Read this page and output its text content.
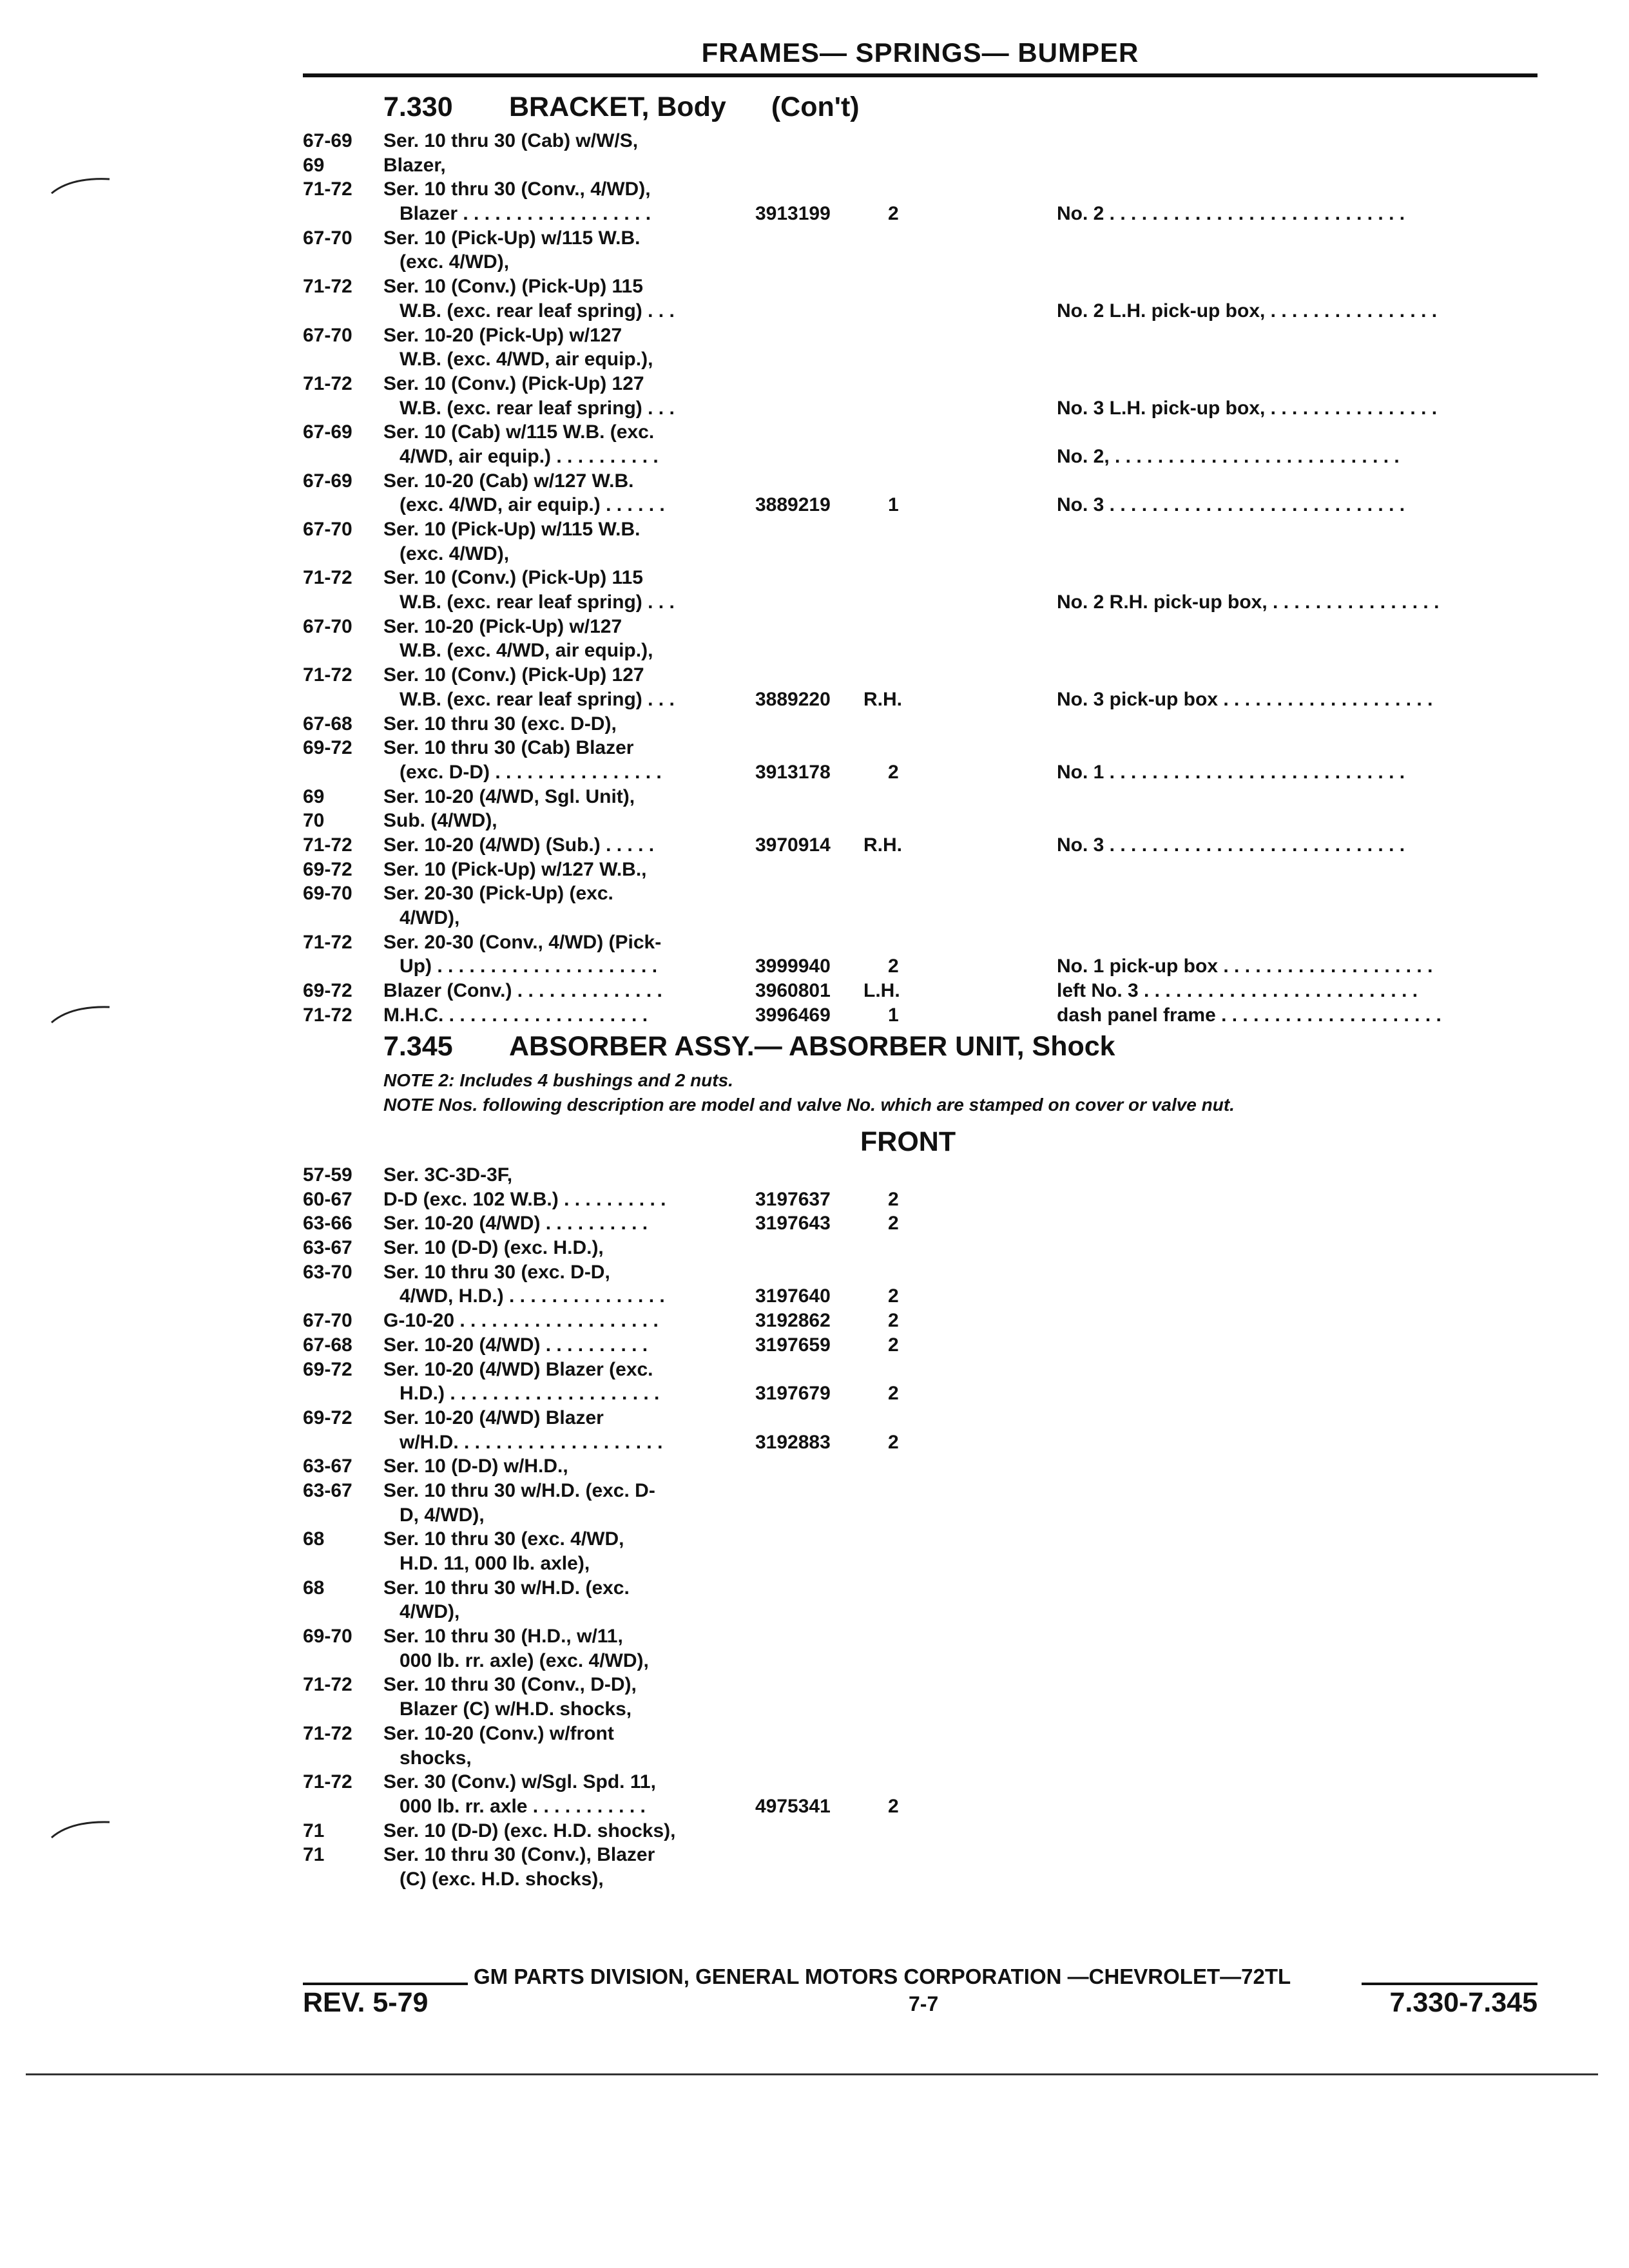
FRAMES— SPRINGS— BUMPER
7.330 BRACKET, Body (Con't)
67-69	Ser. 10 thru 30 (Cab) w/W/S,
69	Blazer,
71-72	Ser. 10 thru 30 (Conv., 4/WD),
Blazer . . . . . . . . . . . . . . . . . .	3913199	2	No. 2 . . . . . . . . . . . . . . . . . . . . . . . . . . . .
67-70	Ser. 10 (Pick-Up) w/115 W.B.
(exc. 4/WD),
71-72	Ser. 10 (Conv.) (Pick-Up) 115
W.B. (exc. rear leaf spring) . . .	No. 2 L.H. pick-up box, . . . . . . . . . . . . . . . .
67-70	Ser. 10-20 (Pick-Up) w/127
W.B. (exc. 4/WD, air equip.),
71-72	Ser. 10 (Conv.) (Pick-Up) 127
W.B. (exc. rear leaf spring) . . .	No. 3 L.H. pick-up box, . . . . . . . . . . . . . . . .
67-69	Ser. 10 (Cab) w/115 W.B. (exc.
4/WD, air equip.) . . . . . . . . . .	No. 2, . . . . . . . . . . . . . . . . . . . . . . . . . . .
67-69	Ser. 10-20 (Cab) w/127 W.B.
(exc. 4/WD, air equip.) . . . . . .	3889219	1	No. 3 . . . . . . . . . . . . . . . . . . . . . . . . . . . .
67-70	Ser. 10 (Pick-Up) w/115 W.B.
(exc. 4/WD),
71-72	Ser. 10 (Conv.) (Pick-Up) 115
W.B. (exc. rear leaf spring) . . .	No. 2 R.H. pick-up box, . . . . . . . . . . . . . . . .
67-70	Ser. 10-20 (Pick-Up) w/127
W.B. (exc. 4/WD, air equip.),
71-72	Ser. 10 (Conv.) (Pick-Up) 127
W.B. (exc. rear leaf spring) . . .	3889220 R.H.	No. 3 pick-up box . . . . . . . . . . . . . . . . . . . .
67-68	Ser. 10 thru 30 (exc. D-D),
69-72	Ser. 10 thru 30 (Cab) Blazer
(exc. D-D) . . . . . . . . . . . . . . . .	3913178	2	No. 1 . . . . . . . . . . . . . . . . . . . . . . . . . . . .
69	Ser. 10-20 (4/WD, Sgl. Unit),
70	Sub. (4/WD),
71-72	Ser. 10-20 (4/WD) (Sub.) . . . . .	3970914 R.H.	No. 3 . . . . . . . . . . . . . . . . . . . . . . . . . . . .
69-72	Ser. 10 (Pick-Up) w/127 W.B.,
69-70	Ser. 20-30 (Pick-Up) (exc.
4/WD),
71-72	Ser. 20-30 (Conv., 4/WD) (Pick-
Up) . . . . . . . . . . . . . . . . . . . . .	3999940	2	No. 1 pick-up box . . . . . . . . . . . . . . . . . . . .
69-72	Blazer (Conv.) . . . . . . . . . . . . . .	3960801 L.H.	left No. 3 . . . . . . . . . . . . . . . . . . . . . . . . . .
71-72	M.H.C. . . . . . . . . . . . . . . . . . . .	3996469	1	dash panel frame . . . . . . . . . . . . . . . . . . . . .
7.345 ABSORBER ASSY.— ABSORBER UNIT, Shock
NOTE 2: Includes 4 bushings and 2 nuts.
NOTE Nos. following description are model and valve No. which are stamped on cover or valve nut.
FRONT
57-59	Ser. 3C-3D-3F,
60-67	D-D (exc. 102 W.B.) . . . . . . . . . .	3197637	2
63-66	Ser. 10-20 (4/WD) . . . . . . . . . .	3197643	2
63-67	Ser. 10 (D-D) (exc. H.D.),
63-70	Ser. 10 thru 30 (exc. D-D,
4/WD, H.D.) . . . . . . . . . . . . . . .	3197640	2
67-70	G-10-20 . . . . . . . . . . . . . . . . . . .	3192862	2
67-68	Ser. 10-20 (4/WD) . . . . . . . . . .	3197659	2
69-72	Ser. 10-20 (4/WD) Blazer (exc.
H.D.) . . . . . . . . . . . . . . . . . . . .	3197679	2
69-72	Ser. 10-20 (4/WD) Blazer
w/H.D. . . . . . . . . . . . . . . . . . . .	3192883	2
63-67	Ser. 10 (D-D) w/H.D.,
63-67	Ser. 10 thru 30 w/H.D. (exc. D-
D, 4/WD),
68	Ser. 10 thru 30 (exc. 4/WD,
H.D. 11, 000 lb. axle),
68	Ser. 10 thru 30 w/H.D. (exc.
4/WD),
69-70	Ser. 10 thru 30 (H.D., w/11,
000 lb. rr. axle) (exc. 4/WD),
71-72	Ser. 10 thru 30 (Conv., D-D),
Blazer (C) w/H.D. shocks,
71-72	Ser. 10-20 (Conv.) w/front
shocks,
71-72	Ser. 30 (Conv.) w/Sgl. Spd. 11,
000 lb. rr. axle . . . . . . . . . . .	4975341	2
71	Ser. 10 (D-D) (exc. H.D. shocks),
71	Ser. 10 thru 30 (Conv.), Blazer
(C) (exc. H.D. shocks),
GM PARTS DIVISION, GENERAL MOTORS CORPORATION —CHEVROLET—72TL
REV. 5-79	7-7	7.330-7.345
